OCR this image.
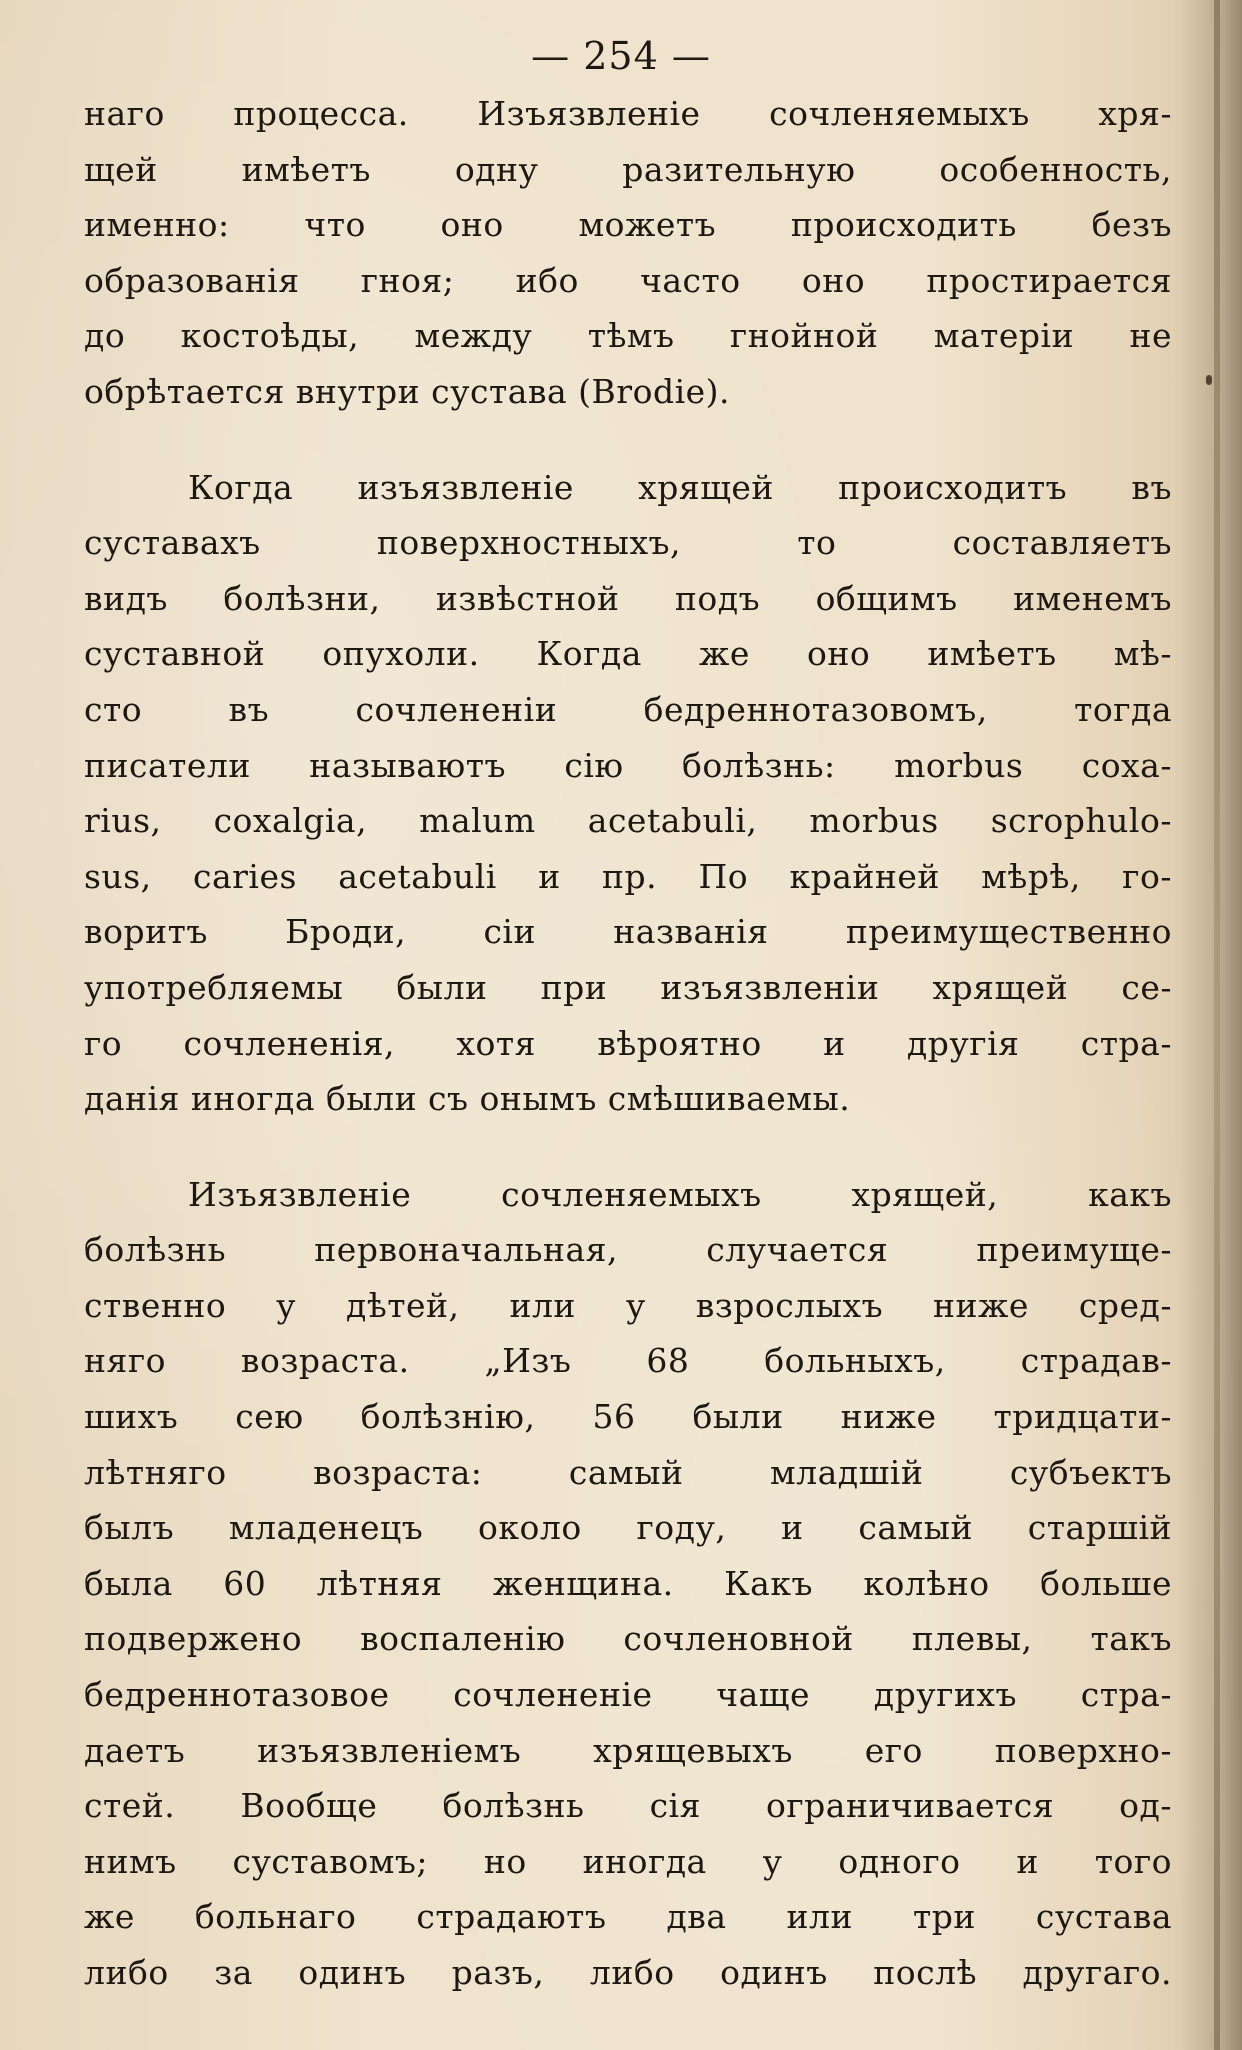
— 254 —
наго процесса. Изъязвленіе сочленяемыхъ хря-
щей имѣетъ одну разительную особенность,
именно: что оно можетъ происходить безъ
образованія гноя; ибо часто оно простирается
до костоѣды, между тѣмъ гнойной матеріи не
обрѣтается внутри сустава (Brodie).
Когда изъязвленіе хрящей происходитъ въ
суставахъ поверхностныхъ, то составляетъ
видъ болѣзни, извѣстной подъ общимъ именемъ
суставной опухоли. Когда же оно имѣетъ мѣ-
сто въ сочлененіи бедреннотазовомъ, тогда
писатели называютъ сію болѣзнь: morbus coxa-
rius, coxalgia, malum acetabuli, morbus scrophulo-
sus, caries acetabuli и пр. По крайней мѣрѣ, го-
воритъ Броди, сіи названія преимущественно
употребляемы были при изъязвленіи хрящей се-
го сочлененія, хотя вѣроятно и другія стра-
данія иногда были съ онымъ смѣшиваемы.
Изъязвленіе сочленяемыхъ хрящей, какъ
болѣзнь первоначальная, случается преимуще-
ственно у дѣтей, или у взрослыхъ ниже сред-
няго возраста. „Изъ 68 больныхъ, страдав-
шихъ сею болѣзнію, 56 были ниже тридцати-
лѣтняго возраста: самый младшій субъектъ
былъ младенецъ около году, и самый старшій
была 60 лѣтняя женщина. Какъ колѣно больше
подвержено воспаленію сочленовной плевы, такъ
бедреннотазовое сочлененіе чаще другихъ стра-
даетъ изъязвленіемъ хрящевыхъ его поверхно-
стей. Вообще болѣзнь сія ограничивается од-
нимъ суставомъ; но иногда у одного и того
же больнаго страдаютъ два или три сустава
либо за одинъ разъ, либо одинъ послѣ другаго.
